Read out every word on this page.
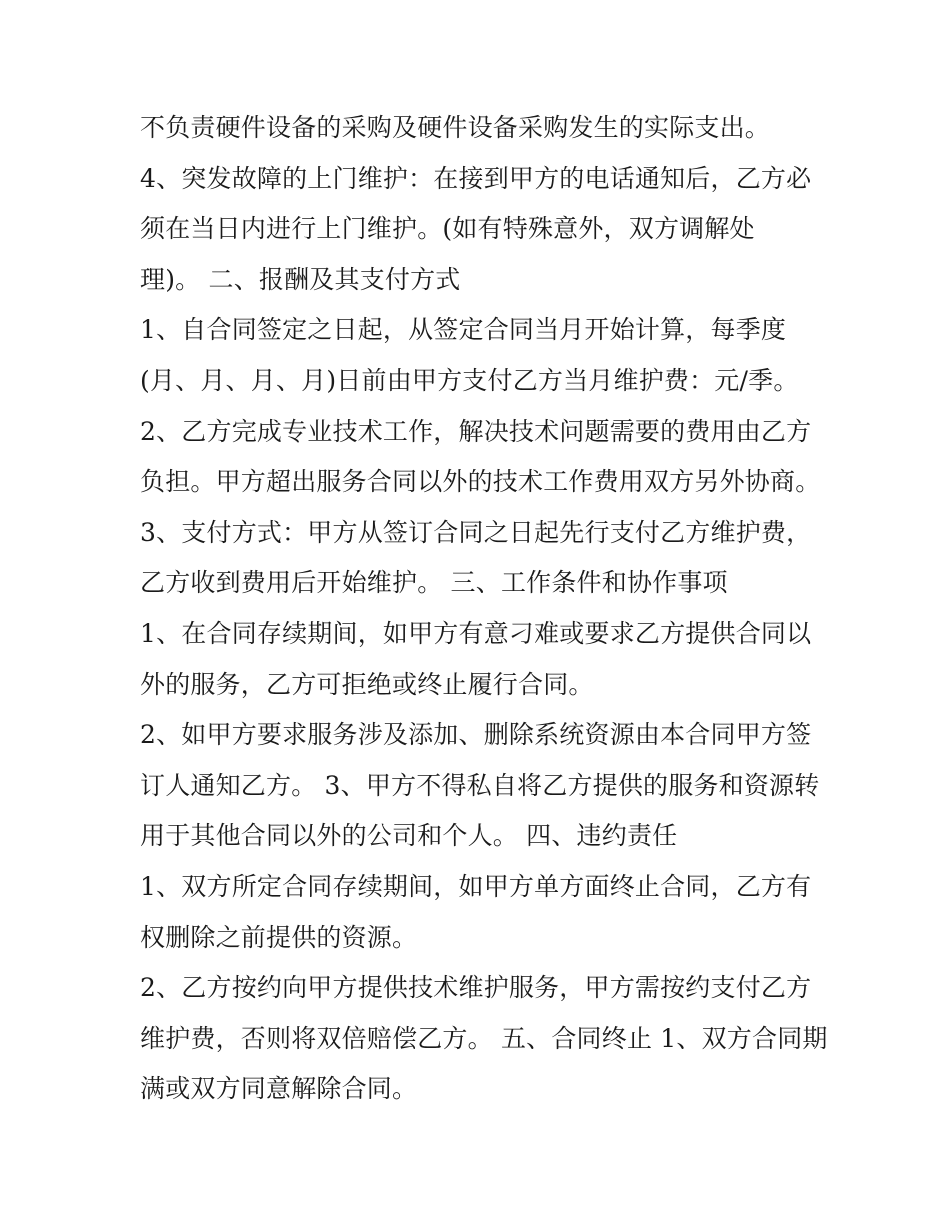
不负责硬件设备的采购及硬件设备采购发生的实际支出。
4、突发故障的上门维护：在接到甲方的电话通知后，乙方必
须在当日内进行上门维护。(如有特殊意外，双方调解处
理)。 二、报酬及其支付方式
1、自合同签定之日起，从签定合同当月开始计算，每季度
(月、月、月、月)日前由甲方支付乙方当月维护费：元/季。
2、乙方完成专业技术工作，解决技术问题需要的费用由乙方
负担。甲方超出服务合同以外的技术工作费用双方另外协商。
3、支付方式：甲方从签订合同之日起先行支付乙方维护费，
乙方收到费用后开始维护。 三、工作条件和协作事项
1、在合同存续期间，如甲方有意刁难或要求乙方提供合同以
外的服务，乙方可拒绝或终止履行合同。
2、如甲方要求服务涉及添加、删除系统资源由本合同甲方签
订人通知乙方。 3、甲方不得私自将乙方提供的服务和资源转
用于其他合同以外的公司和个人。 四、违约责任
1、双方所定合同存续期间，如甲方单方面终止合同，乙方有
权删除之前提供的资源。
2、乙方按约向甲方提供技术维护服务，甲方需按约支付乙方
维护费，否则将双倍赔偿乙方。 五、合同终止 1、双方合同期
满或双方同意解除合同。
